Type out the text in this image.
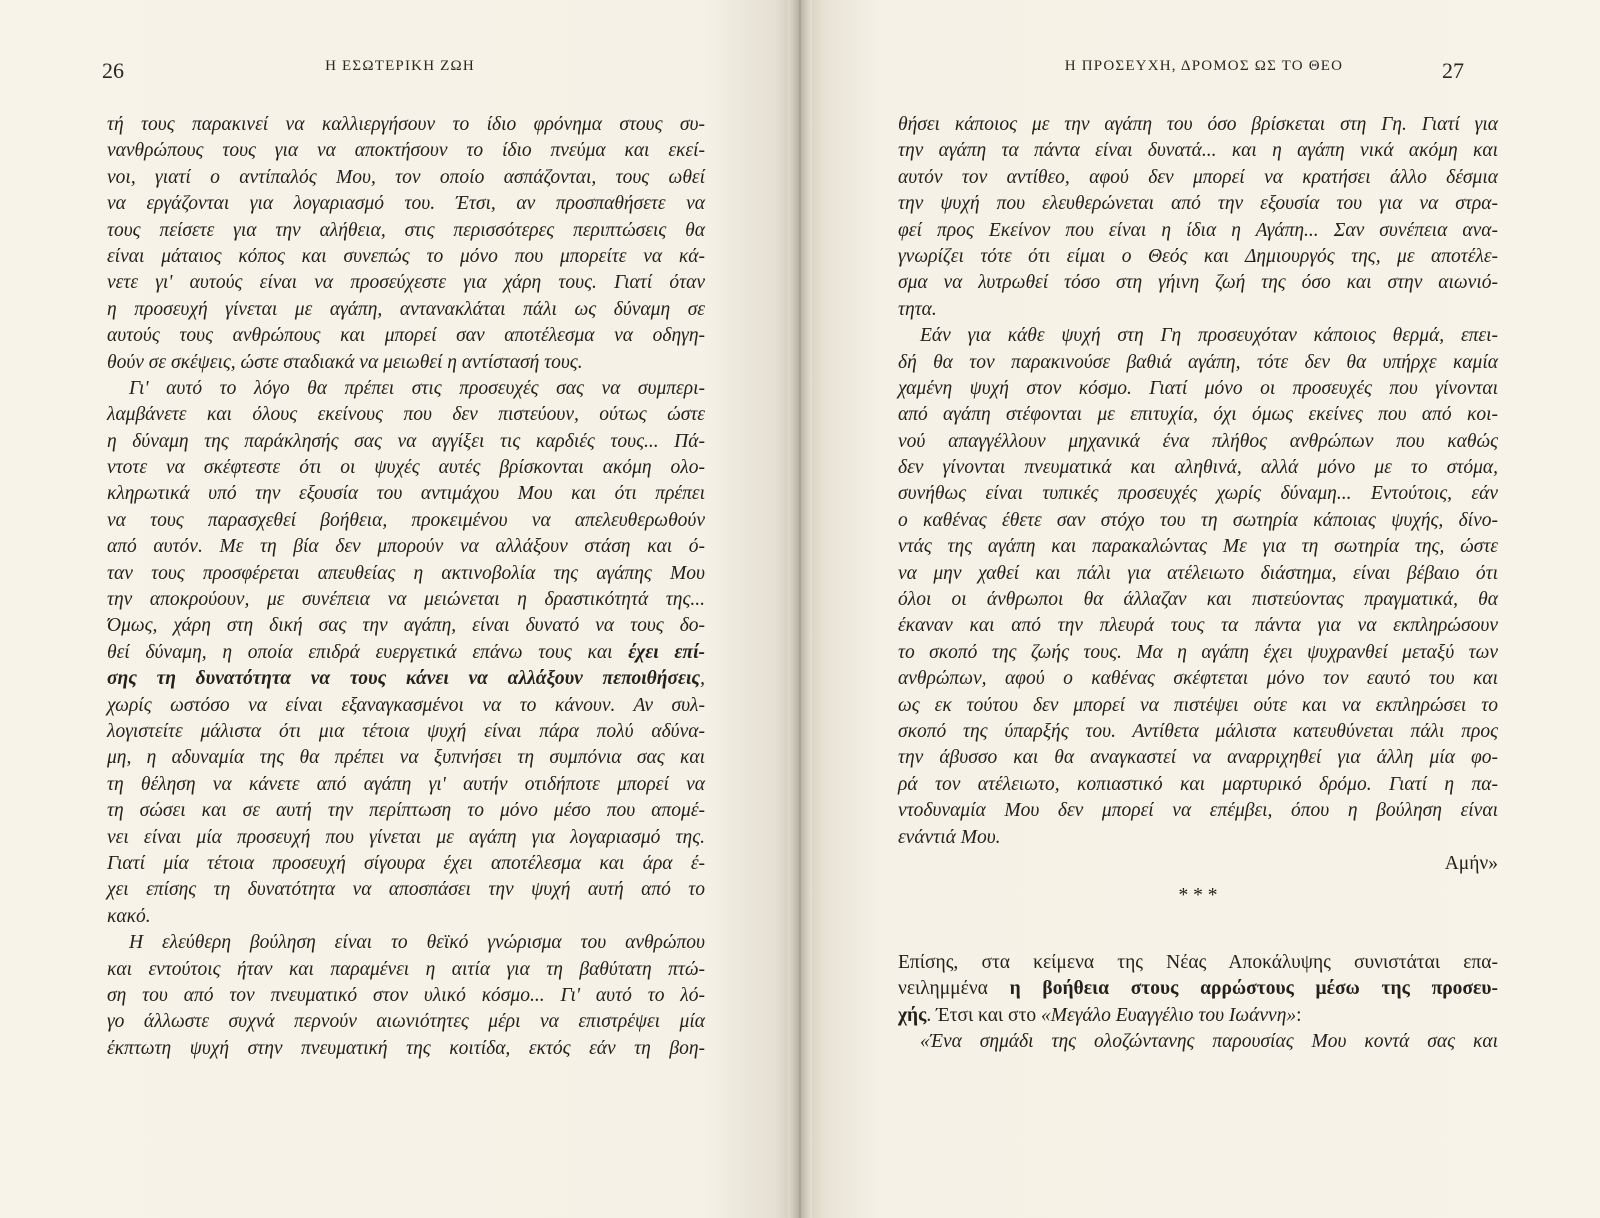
26	Η ΕΣΩΤΕΡΙΚΗ ΖΩΗ
τή τους παρακινεί να καλλιεργήσουν το ίδιο φρόνημα στους συ-
νανθρώπους τους για να αποκτήσουν το ίδιο πνεύμα και εκεί-
νοι, γιατί ο αντίπαλός Μου, τον οποίο ασπάζονται, τους ωθεί
να εργάζονται για λογαριασμό του. Έτσι, αν προσπαθήσετε να
τους πείσετε για την αλήθεια, στις περισσότερες περιπτώσεις θα
είναι μάταιος κόπος και συνεπώς το μόνο που μπορείτε να κά-
νετε γι' αυτούς είναι να προσεύχεστε για χάρη τους. Γιατί όταν
η προσευχή γίνεται με αγάπη, αντανακλάται πάλι ως δύναμη σε
αυτούς τους ανθρώπους και μπορεί σαν αποτέλεσμα να οδηγη-
θούν σε σκέψεις, ώστε σταδιακά να μειωθεί η αντίστασή τους.
Γι' αυτό το λόγο θα πρέπει στις προσευχές σας να συμπερι-
λαμβάνετε και όλους εκείνους που δεν πιστεύουν, ούτως ώστε
η δύναμη της παράκλησής σας να αγγίξει τις καρδιές τους... Πά-
ντοτε να σκέφτεστε ότι οι ψυχές αυτές βρίσκονται ακόμη ολο-
κληρωτικά υπό την εξουσία του αντιμάχου Μου και ότι πρέπει
να τους παρασχεθεί βοήθεια, προκειμένου να απελευθερωθούν
από αυτόν. Με τη βία δεν μπορούν να αλλάξουν στάση και ό-
ταν τους προσφέρεται απευθείας η ακτινοβολία της αγάπης Μου
την αποκρούουν, με συνέπεια να μειώνεται η δραστικότητά της...
Όμως, χάρη στη δική σας την αγάπη, είναι δυνατό να τους δο-
θεί δύναμη, η οποία επιδρά ευεργετικά επάνω τους και έχει επί-
σης τη δυνατότητα να τους κάνει να αλλάξουν πεποιθήσεις,
χωρίς ωστόσο να είναι εξαναγκασμένοι να το κάνουν. Αν συλ-
λογιστείτε μάλιστα ότι μια τέτοια ψυχή είναι πάρα πολύ αδύνα-
μη, η αδυναμία της θα πρέπει να ξυπνήσει τη συμπόνια σας και
τη θέληση να κάνετε από αγάπη γι' αυτήν οτιδήποτε μπορεί να
τη σώσει και σε αυτή την περίπτωση το μόνο μέσο που απομέ-
νει είναι μία προσευχή που γίνεται με αγάπη για λογαριασμό της.
Γιατί μία τέτοια προσευχή σίγουρα έχει αποτέλεσμα και άρα έ-
χει επίσης τη δυνατότητα να αποσπάσει την ψυχή αυτή από το
κακό.
Η ελεύθερη βούληση είναι το θεϊκό γνώρισμα του ανθρώπου
και εντούτοις ήταν και παραμένει η αιτία για τη βαθύτατη πτώ-
ση του από τον πνευματικό στον υλικό κόσμο... Γι' αυτό το λό-
γο άλλωστε συχνά περνούν αιωνιότητες μέρι να επιστρέψει μία
έκπτωτη ψυχή στην πνευματική της κοιτίδα, εκτός εάν τη βοη-
Η ΠΡΟΣΕΥΧΗ, ΔΡΟΜΟΣ ΩΣ ΤΟ ΘΕΟ	27
θήσει κάποιος με την αγάπη του όσο βρίσκεται στη Γη. Γιατί για
την αγάπη τα πάντα είναι δυνατά... και η αγάπη νικά ακόμη και
αυτόν τον αντίθεο, αφού δεν μπορεί να κρατήσει άλλο δέσμια
την ψυχή που ελευθερώνεται από την εξουσία του για να στρα-
φεί προς Εκείνον που είναι η ίδια η Αγάπη... Σαν συνέπεια ανα-
γνωρίζει τότε ότι είμαι ο Θεός και Δημιουργός της, με αποτέλε-
σμα να λυτρωθεί τόσο στη γήινη ζωή της όσο και στην αιωνιό-
τητα.
Εάν για κάθε ψυχή στη Γη προσευχόταν κάποιος θερμά, επει-
δή θα τον παρακινούσε βαθιά αγάπη, τότε δεν θα υπήρχε καμία
χαμένη ψυχή στον κόσμο. Γιατί μόνο οι προσευχές που γίνονται
από αγάπη στέφονται με επιτυχία, όχι όμως εκείνες που από κοι-
νού απαγγέλλουν μηχανικά ένα πλήθος ανθρώπων που καθώς
δεν γίνονται πνευματικά και αληθινά, αλλά μόνο με το στόμα,
συνήθως είναι τυπικές προσευχές χωρίς δύναμη... Εντούτοις, εάν
ο καθένας έθετε σαν στόχο του τη σωτηρία κάποιας ψυχής, δίνο-
ντάς της αγάπη και παρακαλώντας Με για τη σωτηρία της, ώστε
να μην χαθεί και πάλι για ατέλειωτο διάστημα, είναι βέβαιο ότι
όλοι οι άνθρωποι θα άλλαζαν και πιστεύοντας πραγματικά, θα
έκαναν και από την πλευρά τους τα πάντα για να εκπληρώσουν
το σκοπό της ζωής τους. Μα η αγάπη έχει ψυχρανθεί μεταξύ των
ανθρώπων, αφού ο καθένας σκέφτεται μόνο τον εαυτό του και
ως εκ τούτου δεν μπορεί να πιστέψει ούτε και να εκπληρώσει το
σκοπό της ύπαρξής του. Αντίθετα μάλιστα κατευθύνεται πάλι προς
την άβυσσο και θα αναγκαστεί να αναρριχηθεί για άλλη μία φο-
ρά τον ατέλειωτο, κοπιαστικό και μαρτυρικό δρόμο. Γιατί η πα-
ντοδυναμία Μου δεν μπορεί να επέμβει, όπου η βούληση είναι
ενάντιά Μου.
Αμήν»
* * *
Επίσης, στα κείμενα της Νέας Αποκάλυψης συνιστάται επα-
νειλημμένα η βοήθεια στους αρρώστους μέσω της προσευ-
χής. Έτσι και στο «Μεγάλο Ευαγγέλιο του Ιωάννη»:
«Ένα σημάδι της ολοζώντανης παρουσίας Μου κοντά σας και
